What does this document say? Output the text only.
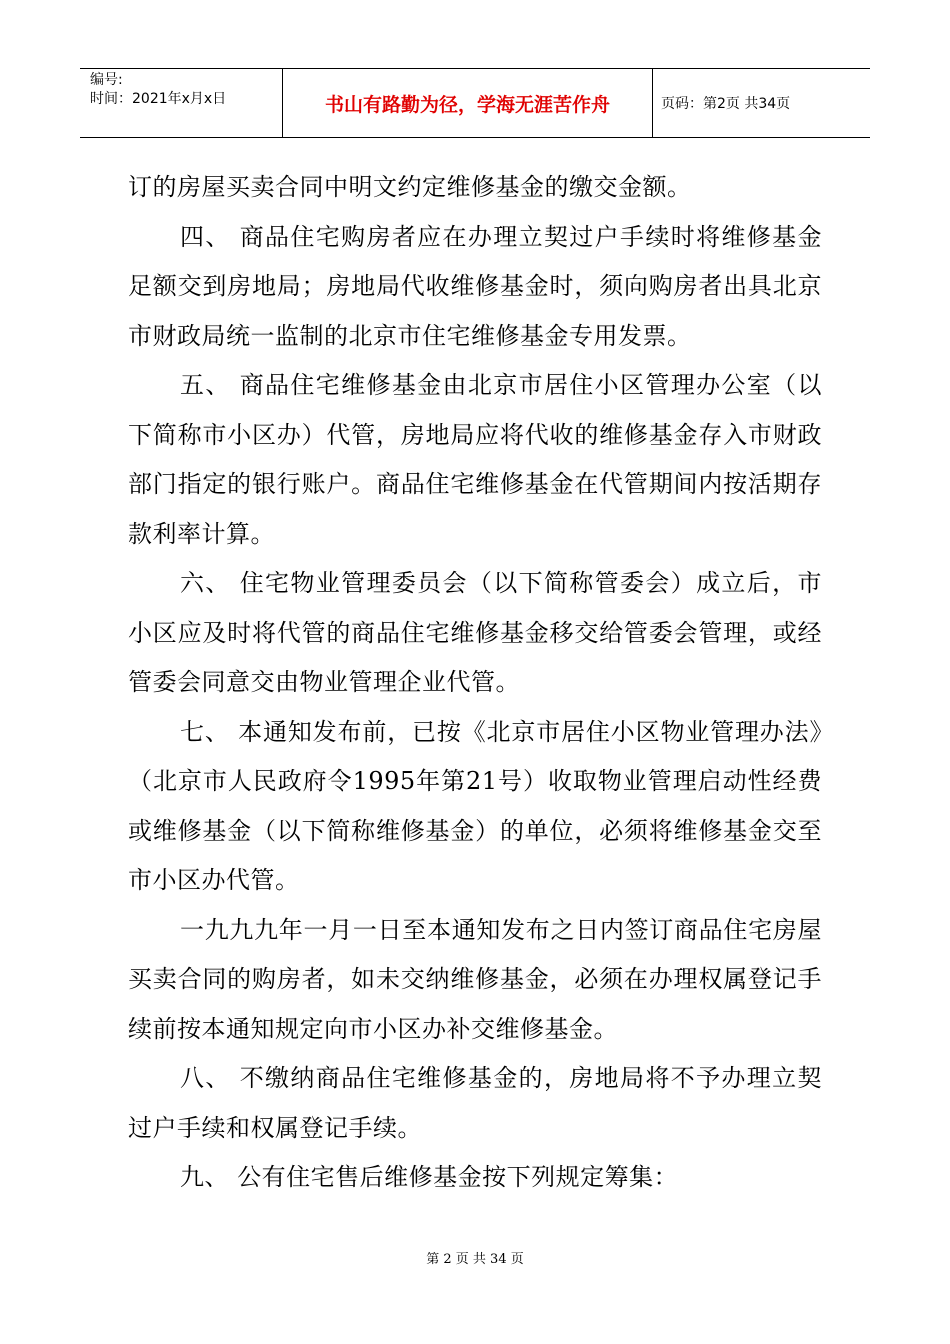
编号:
时间：2021年x月x日	书山有路勤为径，学海无涯苦作舟	页码：第2页 共34页

订的房屋买卖合同中明文约定维修基金的缴交金额。

四、 商品住宅购房者应在办理立契过户手续时将维修基金足额交到房地局；房地局代收维修基金时，须向购房者出具北京市财政局统一监制的北京市住宅维修基金专用发票。

五、 商品住宅维修基金由北京市居住小区管理办公室（以下简称市小区办）代管，房地局应将代收的维修基金存入市财政部门指定的银行账户。商品住宅维修基金在代管期间内按活期存款利率计算。

六、 住宅物业管理委员会（以下简称管委会）成立后，市小区应及时将代管的商品住宅维修基金移交给管委会管理，或经管委会同意交由物业管理企业代管。

七、 本通知发布前，已按《北京市居住小区物业管理办法》（北京市人民政府令1995年第21号）收取物业管理启动性经费或维修基金（以下简称维修基金）的单位，必须将维修基金交至市小区办代管。

一九九九年一月一日至本通知发布之日内签订商品住宅房屋买卖合同的购房者，如未交纳维修基金，必须在办理权属登记手续前按本通知规定向市小区办补交维修基金。

八、 不缴纳商品住宅维修基金的，房地局将不予办理立契过户手续和权属登记手续。

九、 公有住宅售后维修基金按下列规定筹集：

第 2 页 共 34 页
